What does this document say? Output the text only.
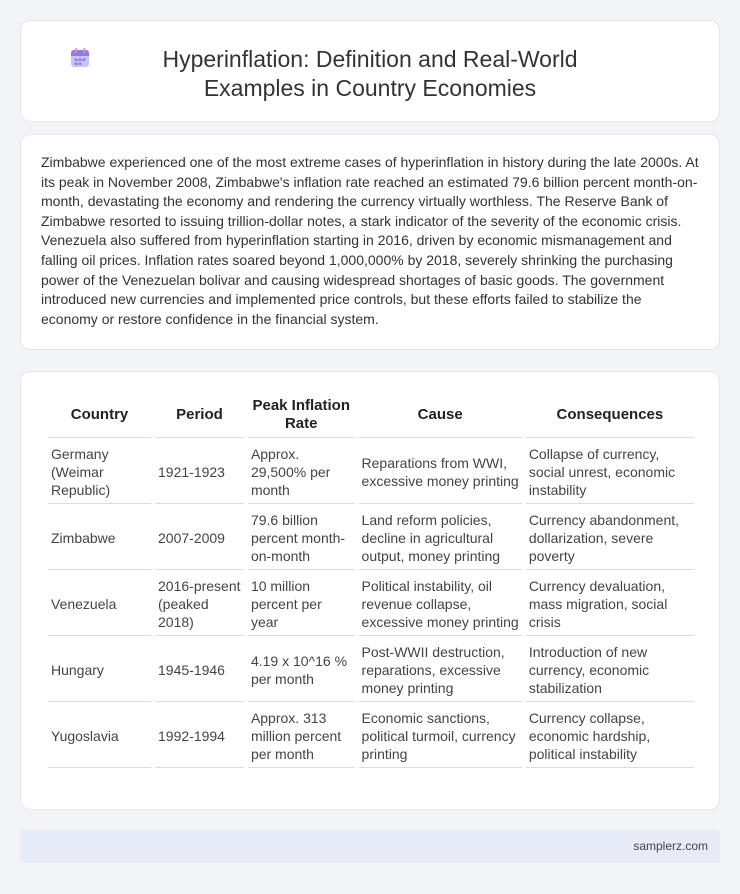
Hyperinflation: Definition and Real-World Examples in Country Economies

Zimbabwe experienced one of the most extreme cases of hyperinflation in history during the late 2000s. At its peak in November 2008, Zimbabwe's inflation rate reached an estimated 79.6 billion percent month-on-month, devastating the economy and rendering the currency virtually worthless. The Reserve Bank of Zimbabwe resorted to issuing trillion-dollar notes, a stark indicator of the severity of the economic crisis. Venezuela also suffered from hyperinflation starting in 2016, driven by economic mismanagement and falling oil prices. Inflation rates soared beyond 1,000,000% by 2018, severely shrinking the purchasing power of the Venezuelan bolivar and causing widespread shortages of basic goods. The government introduced new currencies and implemented price controls, but these efforts failed to stabilize the economy or restore confidence in the financial system.

Country	Period	Peak Inflation Rate	Cause	Consequences
Germany (Weimar Republic)	1921-1923	Approx. 29,500% per month	Reparations from WWI, excessive money printing	Collapse of currency, social unrest, economic instability
Zimbabwe	2007-2009	79.6 billion percent month-on-month	Land reform policies, decline in agricultural output, money printing	Currency abandonment, dollarization, severe poverty
Venezuela	2016-present (peaked 2018)	10 million percent per year	Political instability, oil revenue collapse, excessive money printing	Currency devaluation, mass migration, social crisis
Hungary	1945-1946	4.19 x 10^16 % per month	Post-WWII destruction, reparations, excessive money printing	Introduction of new currency, economic stabilization
Yugoslavia	1992-1994	Approx. 313 million percent per month	Economic sanctions, political turmoil, currency printing	Currency collapse, economic hardship, political instability
samplerz.com
